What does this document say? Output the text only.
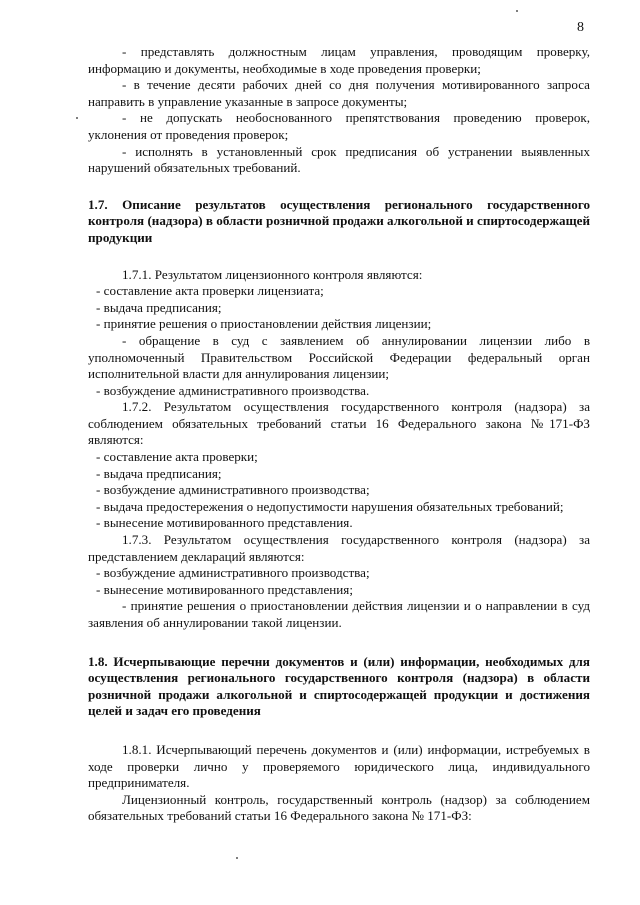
8

- представлять должностным лицам управления, проводящим проверку, информацию и документы, необходимые в ходе проведения проверки;

- в течение десяти рабочих дней со дня получения мотивированного запроса направить в управление указанные в запросе документы;

- не допускать необоснованного препятствования проведению проверок, уклонения от проведения проверок;

- исполнять в установленный срок предписания об устранении выявленных нарушений обязательных требований.

1.7. Описание результатов осуществления регионального государственного контроля (надзора) в области розничной продажи алкогольной и спиртосодержащей продукции

1.7.1. Результатом лицензионного контроля являются:

- составление акта проверки лицензиата;

- выдача предписания;

- принятие решения о приостановлении действия лицензии;

- обращение в суд с заявлением об аннулировании лицензии либо в уполномоченный Правительством Российской Федерации федеральный орган исполнительной власти для аннулирования лицензии;

- возбуждение административного производства.

1.7.2. Результатом осуществления государственного контроля (надзора) за соблюдением обязательных требований статьи 16 Федерального закона №171-ФЗ являются:

- составление акта проверки;

- выдача предписания;

- возбуждение административного производства;

- выдача предостережения о недопустимости нарушения обязательных требований;

- вынесение мотивированного представления.

1.7.3. Результатом осуществления государственного контроля (надзора) за представлением деклараций являются:

- возбуждение административного производства;

- вынесение мотивированного представления;

- принятие решения о приостановлении действия лицензии и о направлении в суд заявления об аннулировании такой лицензии.

1.8. Исчерпывающие перечни документов и (или) информации, необходимых для осуществления регионального государственного контроля (надзора) в области розничной продажи алкогольной и спиртосодержащей продукции и достижения целей и задач его проведения

1.8.1. Исчерпывающий перечень документов и (или) информации, истребуемых в ходе проверки лично у проверяемого юридического лица, индивидуального предпринимателя.

Лицензионный контроль, государственный контроль (надзор) за соблюдением обязательных требований статьи 16 Федерального закона № 171-ФЗ:
